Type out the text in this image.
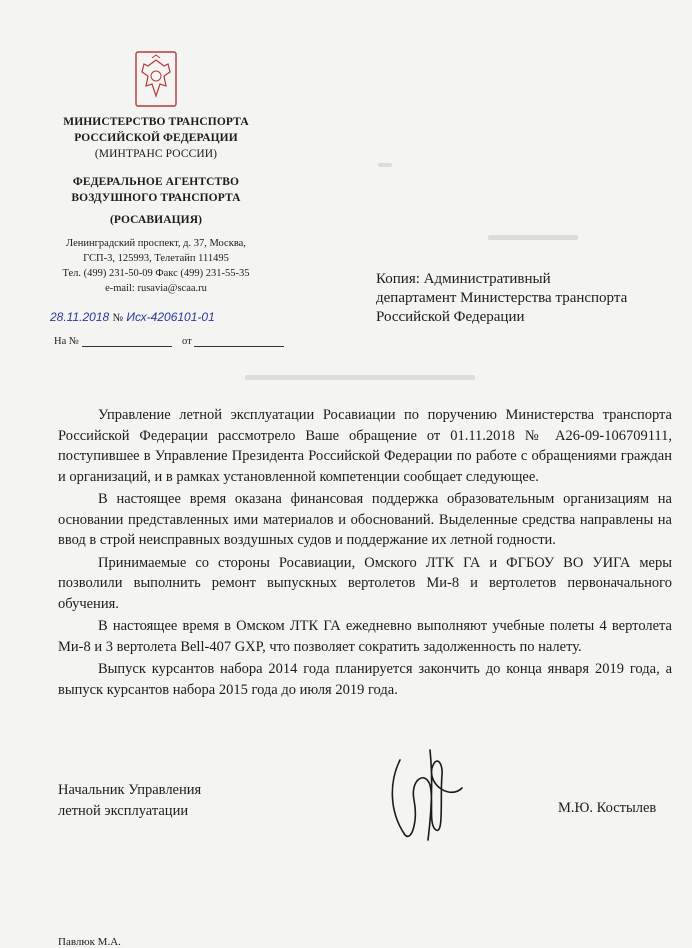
МИНИСТЕРСТВО ТРАНСПОРТА
РОССИЙСКОЙ ФЕДЕРАЦИИ
(МИНТРАНС РОССИИ)
ФЕДЕРАЛЬНОЕ АГЕНТСТВО
ВОЗДУШНОГО ТРАНСПОРТА
(РОСАВИАЦИЯ)
Ленинградский проспект, д. 37, Москва,
ГСП-3, 125993, Телетайп 111495
Тел. (499) 231-50-09 Факс (499) 231-55-35
e-mail: rusavia@scaa.ru
28.11.2018 № Исх-4206101-01
На №	от
Копия: Административный
департамент Министерства транспорта
Российской Федерации

Управление летной эксплуатации Росавиации по поручению Министерства транспорта Российской Федерации рассмотрело Ваше обращение от 01.11.2018 № А26-09-106709111, поступившее в Управление Президента Российской Федерации по работе с обращениями граждан и организаций, и в рамках установленной компетенции сообщает следующее.

В настоящее время оказана финансовая поддержка образовательным организациям на основании представленных ими материалов и обоснований. Выделенные средства направлены на ввод в строй неисправных воздушных судов и поддержание их летной годности.

Принимаемые со стороны Росавиации, Омского ЛТК ГА и ФГБОУ ВО УИГА меры позволили выполнить ремонт выпускных вертолетов Ми-8 и вертолетов первоначального обучения.

В настоящее время в Омском ЛТК ГА ежедневно выполняют учебные полеты 4 вертолета Ми-8 и 3 вертолета Bell-407 GXP, что позволяет сократить задолженность по налету.

Выпуск курсантов набора 2014 года планируется закончить до конца января 2019 года, а выпуск курсантов набора 2015 года до июля 2019 года.

Начальник Управления
летной эксплуатации	М.Ю. Костылев
Павлюк М.А.
